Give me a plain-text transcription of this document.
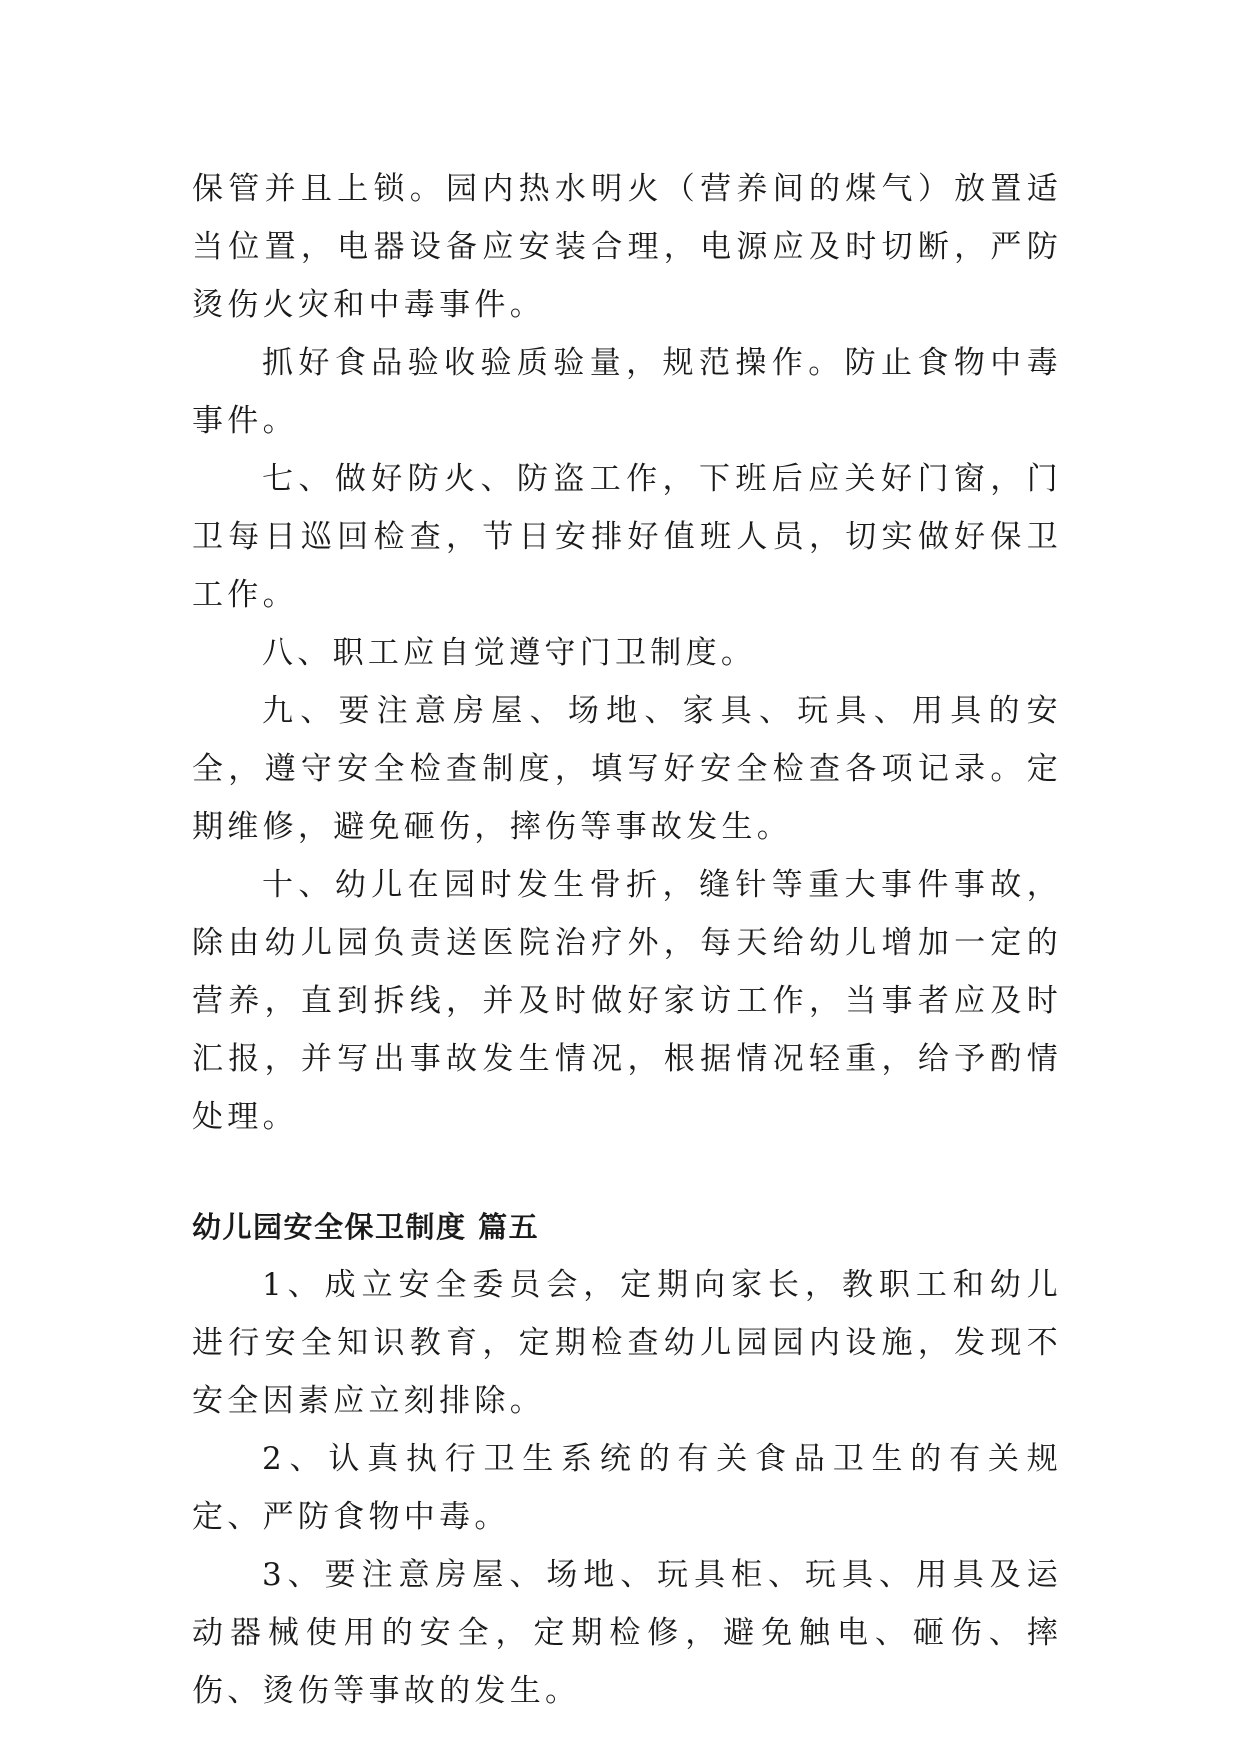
保管并且上锁。园内热水明火（营养间的煤气）放置适当位置，电器设备应安装合理，电源应及时切断，严防烫伤火灾和中毒事件。

抓好食品验收验质验量，规范操作。防止食物中毒事件。

七、做好防火、防盗工作，下班后应关好门窗，门卫每日巡回检查，节日安排好值班人员，切实做好保卫工作。

八、职工应自觉遵守门卫制度。

九、要注意房屋、场地、家具、玩具、用具的安全，遵守安全检查制度，填写好安全检查各项记录。定期维修，避免砸伤，摔伤等事故发生。

十、幼儿在园时发生骨折，缝针等重大事件事故，除由幼儿园负责送医院治疗外，每天给幼儿增加一定的营养，直到拆线，并及时做好家访工作，当事者应及时汇报，并写出事故发生情况，根据情况轻重，给予酌情处理。

幼儿园安全保卫制度 篇五

1、成立安全委员会，定期向家长，教职工和幼儿进行安全知识教育，定期检查幼儿园园内设施，发现不安全因素应立刻排除。

2、认真执行卫生系统的有关食品卫生的有关规定、严防食物中毒。

3、要注意房屋、场地、玩具柜、玩具、用具及运动器械使用的安全，定期检修，避免触电、砸伤、摔伤、烫伤等事故的发生。
